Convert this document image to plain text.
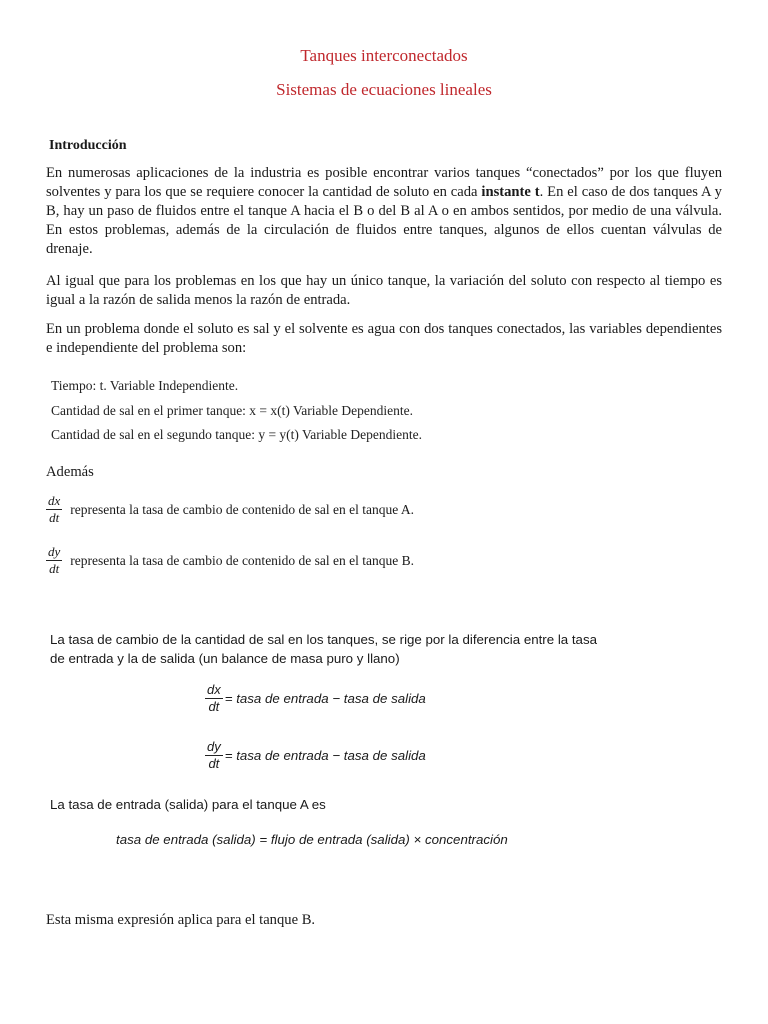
Tanques interconectados
Sistemas de ecuaciones lineales
Introducción
En numerosas aplicaciones de la industria es posible encontrar varios tanques “conectados” por los que fluyen solventes y para los que se requiere conocer la cantidad de soluto en cada instante t. En el caso de dos tanques A y B, hay un paso de fluidos entre el tanque A hacia el B o del B al A o en ambos sentidos, por medio de una válvula. En estos problemas, además de la circulación de fluidos entre tanques, algunos de ellos cuentan válvulas de drenaje.
Al igual que para los problemas en los que hay un único tanque, la variación del soluto con respecto al tiempo es igual a la razón de salida menos la razón de entrada.
En un problema donde el soluto es sal y el solvente es agua con dos tanques conectados, las variables dependientes e independiente del problema son:
Tiempo: t. Variable Independiente.
Cantidad de sal en el primer tanque: x = x(t) Variable Dependiente.
Cantidad de sal en el segundo tanque: y = y(t) Variable Dependiente.
Además
$\frac{dx}{dt}$ representa la tasa de cambio de contenido de sal en el tanque A.
$\frac{dy}{dt}$ representa la tasa de cambio de contenido de sal en el tanque B.
La tasa de cambio de la cantidad de sal en los tanques, se rige por la diferencia entre la tasa de entrada y la de salida (un balance de masa puro y llano)
$\frac{dx}{dt}$ = tasa de entrada − tasa de salida
$\frac{dy}{dt}$ = tasa de entrada − tasa de salida
La tasa de entrada (salida) para el tanque A es
tasa de entrada (salida) = flujo de entrada (salida) × concentración
Esta misma expresión aplica para el tanque B.
